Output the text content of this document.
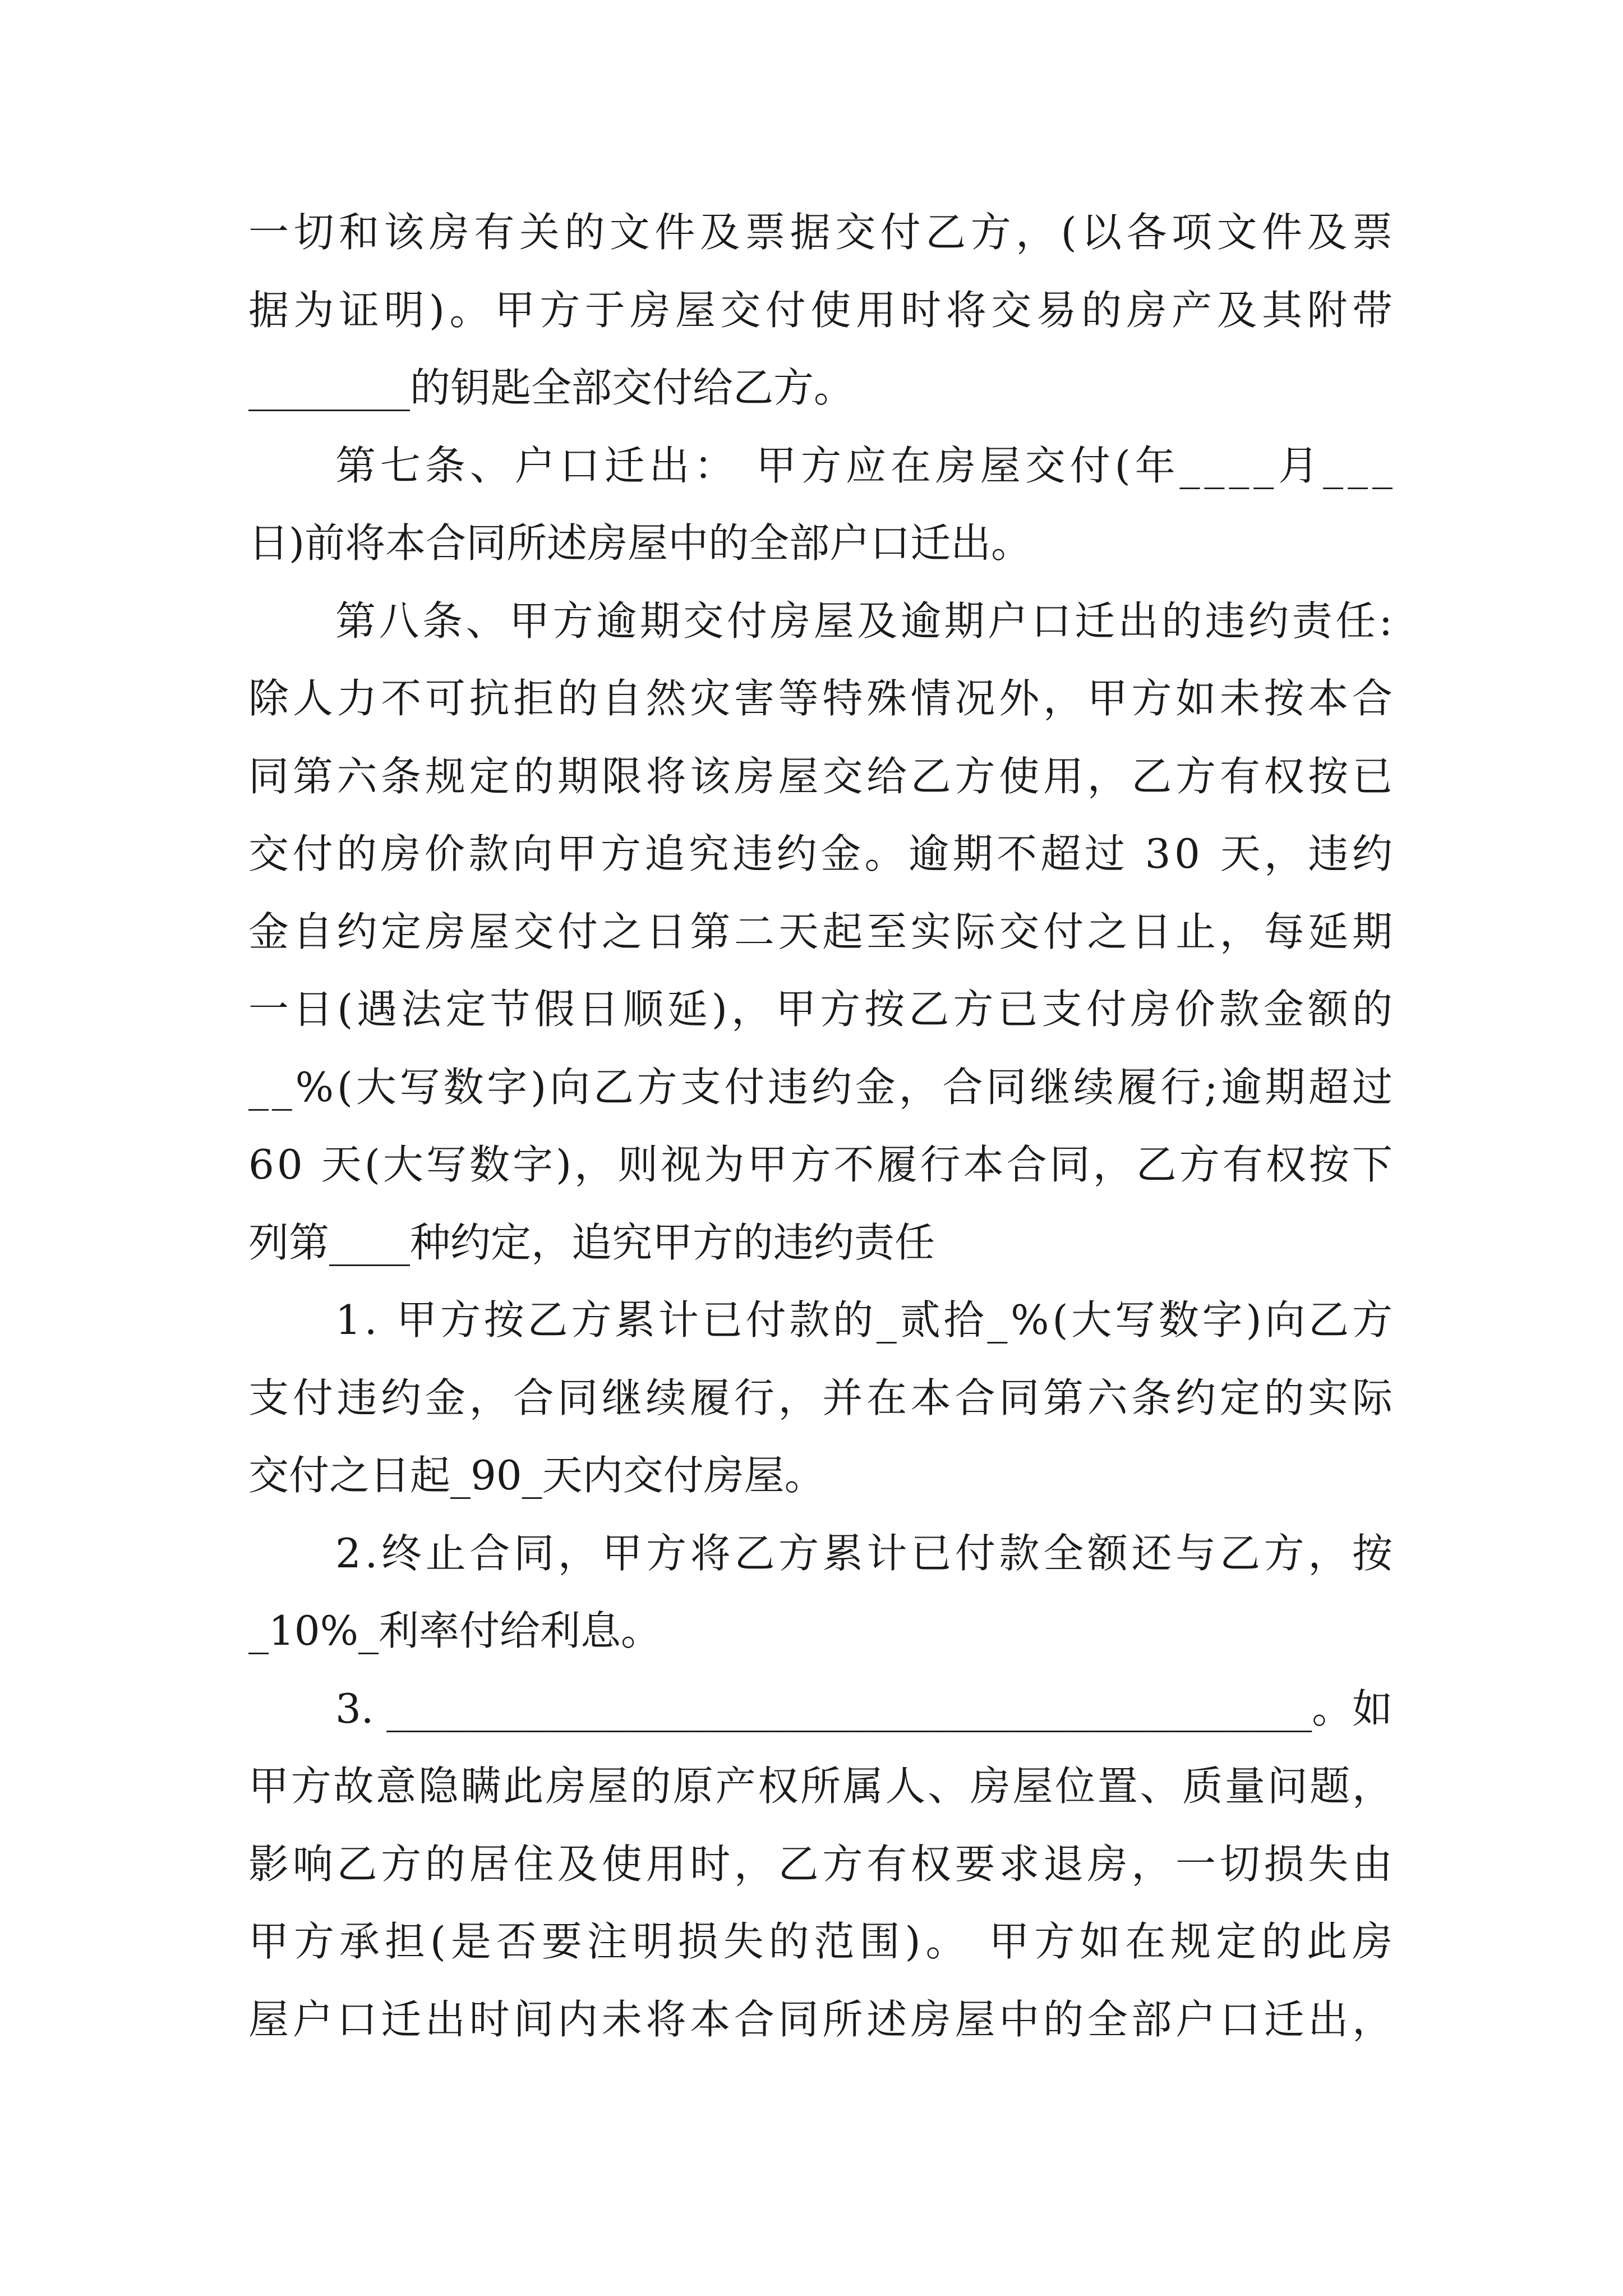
一切和该房有关的文件及票据交付乙方，(以各项文件及票
据为证明)。甲方于房屋交付使用时将交易的房产及其附带
________的钥匙全部交付给乙方。
第七条、户口迁出： 甲方应在房屋交付(年____月___
日)前将本合同所述房屋中的全部户口迁出。
第八条、甲方逾期交付房屋及逾期户口迁出的违约责任:
除人力不可抗拒的自然灾害等特殊情况外，甲方如未按本合
同第六条规定的期限将该房屋交给乙方使用，乙方有权按已
交付的房价款向甲方追究违约金。逾期不超过 30 天，违约
金自约定房屋交付之日第二天起至实际交付之日止，每延期
一日(遇法定节假日顺延)，甲方按乙方已支付房价款金额的
__%(大写数字)向乙方支付违约金，合同继续履行;逾期超过
60 天(大写数字)，则视为甲方不履行本合同，乙方有权按下
列第____种约定，追究甲方的违约责任
1. 甲方按乙方累计已付款的_贰拾_%(大写数字)向乙方
支付违约金，合同继续履行，并在本合同第六条约定的实际
交付之日起_90_天内交付房屋。
2.终止合同，甲方将乙方累计已付款全额还与乙方，按
_10%_利率付给利息。
3. ______________________________________________。如
甲方故意隐瞒此房屋的原产权所属人、房屋位置、质量问题，
影响乙方的居住及使用时，乙方有权要求退房，一切损失由
甲方承担(是否要注明损失的范围)。 甲方如在规定的此房
屋户口迁出时间内未将本合同所述房屋中的全部户口迁出，
